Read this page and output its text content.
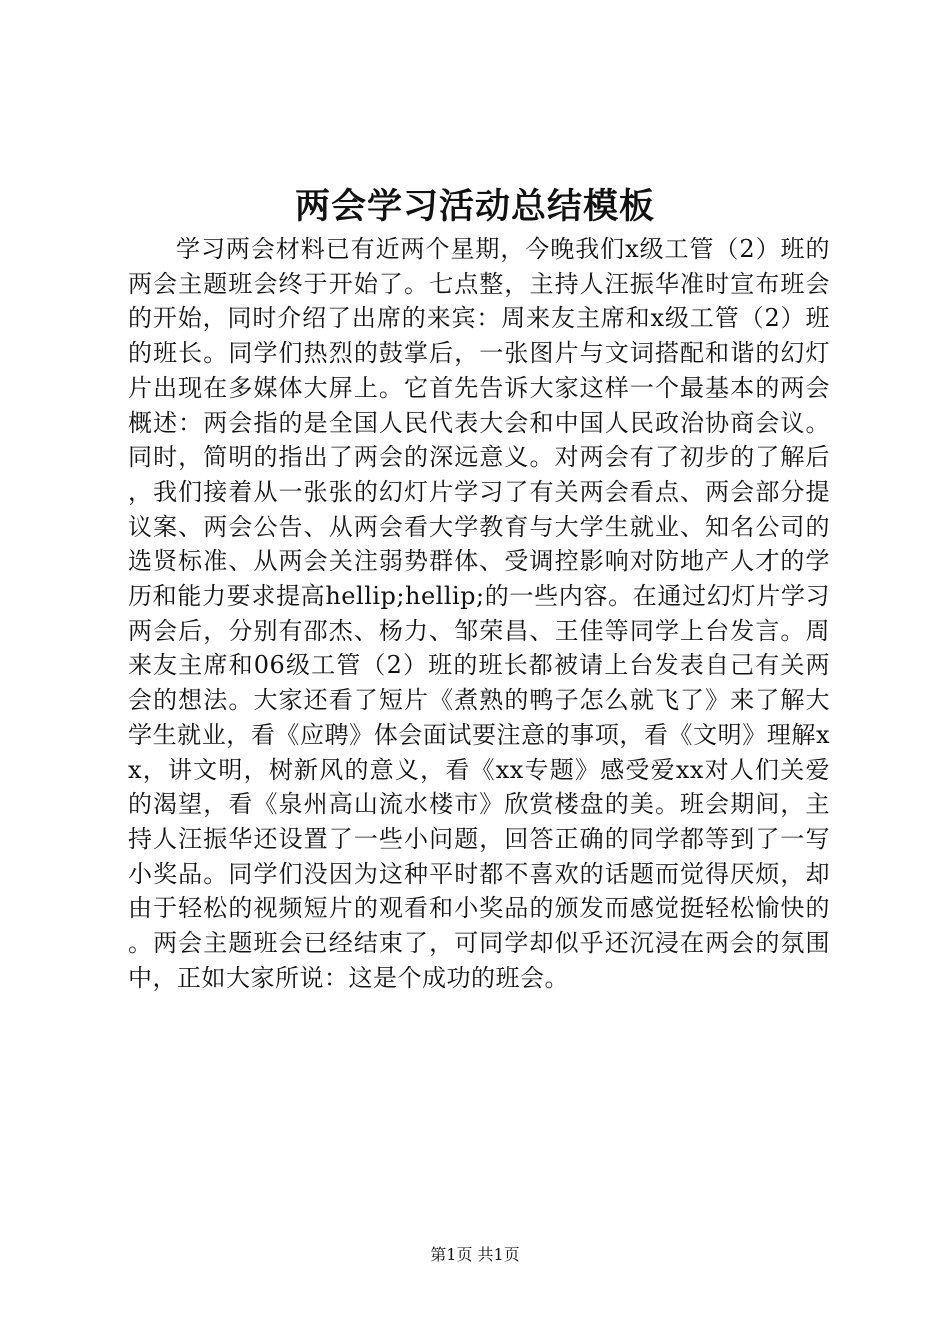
两会学习活动总结模板

学习两会材料已有近两个星期，今晚我们x级工管（2）班的两会主题班会终于开始了。七点整，主持人汪振华准时宣布班会的开始，同时介绍了出席的来宾：周来友主席和x级工管（2）班的班长。同学们热烈的鼓掌后，一张图片与文词搭配和谐的幻灯片出现在多媒体大屏上。它首先告诉大家这样一个最基本的两会概述：两会指的是全国人民代表大会和中国人民政治协商会议。同时，简明的指出了两会的深远意义。对两会有了初步的了解后，我们接着从一张张的幻灯片学习了有关两会看点、两会部分提议案、两会公告、从两会看大学教育与大学生就业、知名公司的选贤标准、从两会关注弱势群体、受调控影响对防地产人才的学历和能力要求提高hellip;hellip;的一些内容。在通过幻灯片学习两会后，分别有邵杰、杨力、邹荣昌、王佳等同学上台发言。周来友主席和06级工管（2）班的班长都被请上台发表自己有关两会的想法。大家还看了短片《煮熟的鸭子怎么就飞了》来了解大学生就业，看《应聘》体会面试要注意的事项，看《文明》理解xx，讲文明，树新风的意义，看《xx专题》感受爱xx对人们关爱的渴望，看《泉州高山流水楼市》欣赏楼盘的美。班会期间，主持人汪振华还设置了一些小问题，回答正确的同学都等到了一写小奖品。同学们没因为这种平时都不喜欢的话题而觉得厌烦，却由于轻松的视频短片的观看和小奖品的颁发而感觉挺轻松愉快的。两会主题班会已经结束了，可同学却似乎还沉浸在两会的氛围中，正如大家所说：这是个成功的班会。

第1页 共1页
